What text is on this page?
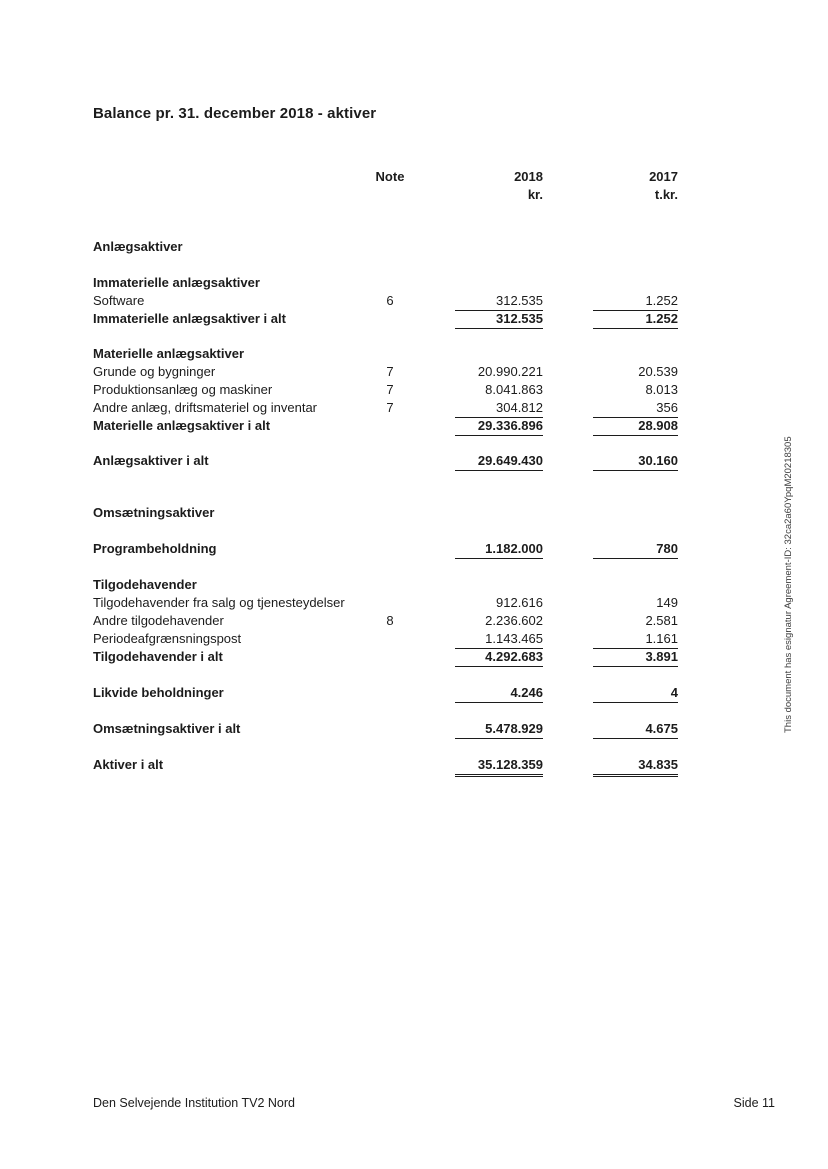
Balance pr. 31. december 2018 - aktiver
Note	2018	2017
kr.	t.kr.
Anlægsaktiver
Immaterielle anlægsaktiver
Software	6	312.535	1.252
Immaterielle anlægsaktiver i alt	312.535	1.252
Materielle anlægsaktiver
Grunde og bygninger	7	20.990.221	20.539
Produktionsanlæg og maskiner	7	8.041.863	8.013
Andre anlæg, driftsmateriel og inventar	7	304.812	356
Materielle anlægsaktiver i alt	29.336.896	28.908
Anlægsaktiver i alt	29.649.430	30.160
Omsætningsaktiver
Programbeholdning	1.182.000	780
Tilgodehavender
Tilgodehavender fra salg og tjenesteydelser	912.616	149
Andre tilgodehavender	8	2.236.602	2.581
Periodeafgrænsningspost	1.143.465	1.161
Tilgodehavender i alt	4.292.683	3.891
Likvide beholdninger	4.246	4
Omsætningsaktiver i alt	5.478.929	4.675
Aktiver i alt	35.128.359	34.835
This document has esignatur Agreement-ID: 32ca2a60YpqM20218305
Den Selvejende Institution TV2 Nord	Side 11
